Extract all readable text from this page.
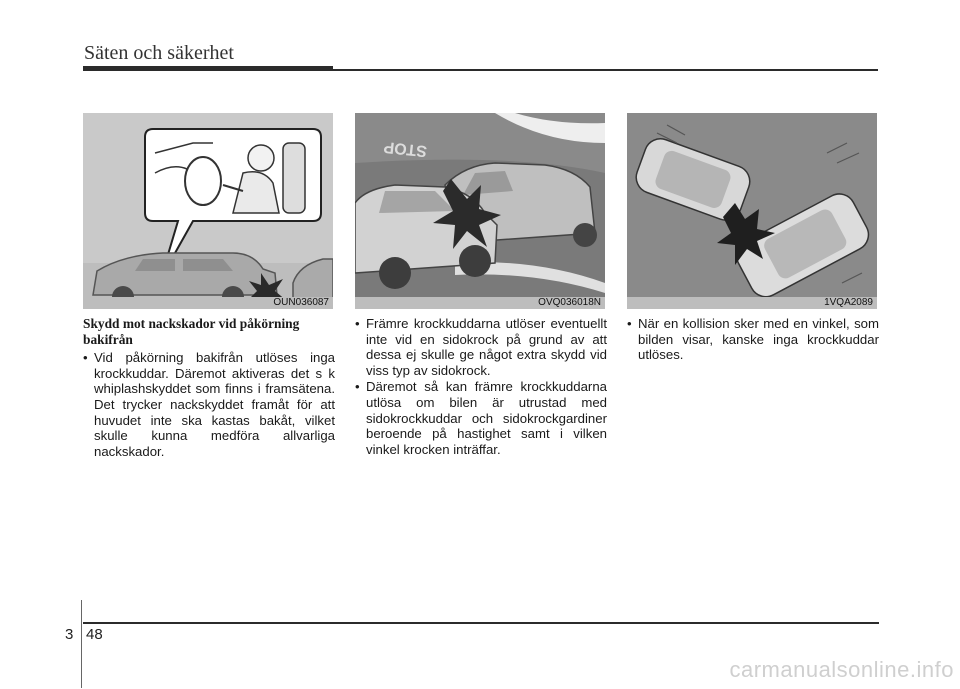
Säten och säkerhet
OUN036087
STOP
OVQ036018N	1VQA2089
Skydd mot nackskador vid påkörning bakifrån
• Vid påkörning bakifrån utlöses inga krockkuddar. Däremot aktiveras det s k whiplashskyddet som finns i framsätena. Det trycker nackskyddet framåt för att huvudet inte ska kastas bakåt, vilket skulle kunna medföra allvarliga nackskador.
• Främre krockkuddarna utlöser eventuellt inte vid en sidokrock på grund av att dessa ej skulle ge något extra skydd vid viss typ av sidokrock.
• Däremot så kan främre krockkuddarna utlösa om bilen är utrustad med sidokrockkuddar och sidokrockgardiner beroende på hastighet samt i vilken vinkel krocken inträffar.
• När en kollision sker med en vinkel, som bilden visar, kanske inga krockkuddar utlöses.
3 48
carmanualsonline.info
